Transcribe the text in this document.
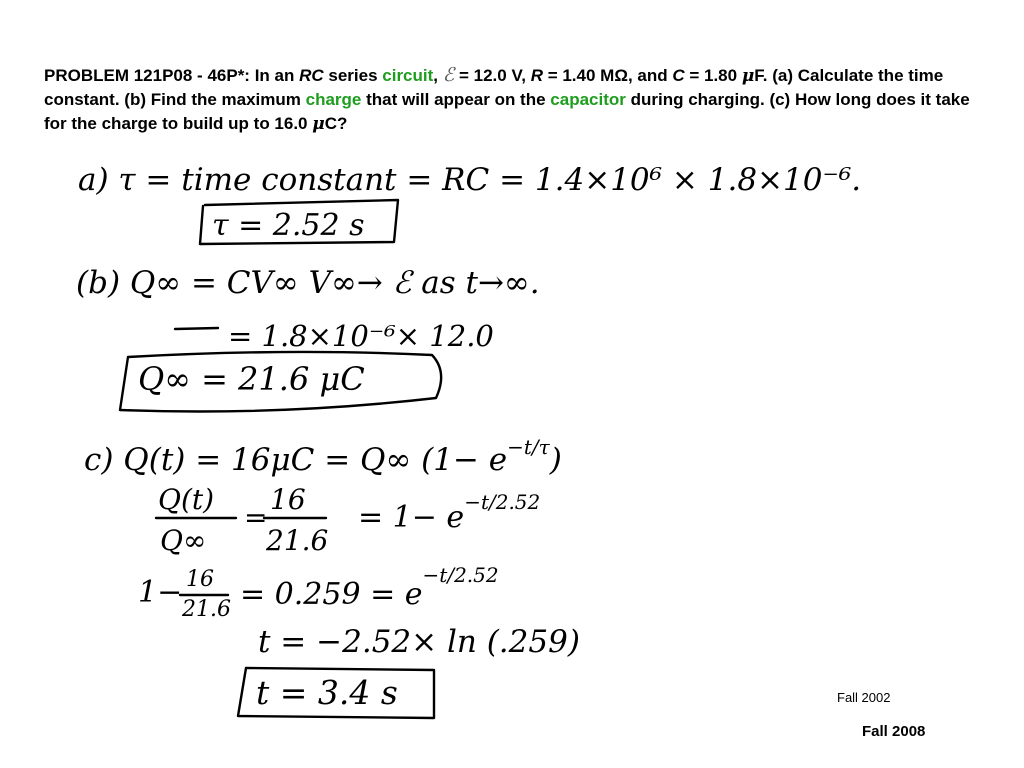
PROBLEM 121P08 - 46P*: In an RC series circuit, ℰ = 12.0 V, R = 1.40 MΩ, and C = 1.80 μF. (a) Calculate the time constant. (b) Find the maximum charge that will appear on the capacitor during charging. (c) How long does it take for the charge to build up to 16.0 μC?
a) τ = time constant = RC = 1.4×10⁶ × 1.8×10⁻⁶.
τ = 2.52 s
(b) Q∞ = CV∞ V∞→ ℰ as t→∞.
= 1.8×10⁻⁶× 12.0
Q∞ = 21.6 μC
c) Q(t) = 16μC = Q∞ $(1- e^{-t/\tau})$
Q(t)
Q∞
=
16
21.6
= $1- e^{-t/2.52}$
1− 16
$21.6 = 0.259 = e^{-t/2.52}$
t = −2.52× ln (.259)
t = 3.4 s	Fall 2002
Fall 2008
